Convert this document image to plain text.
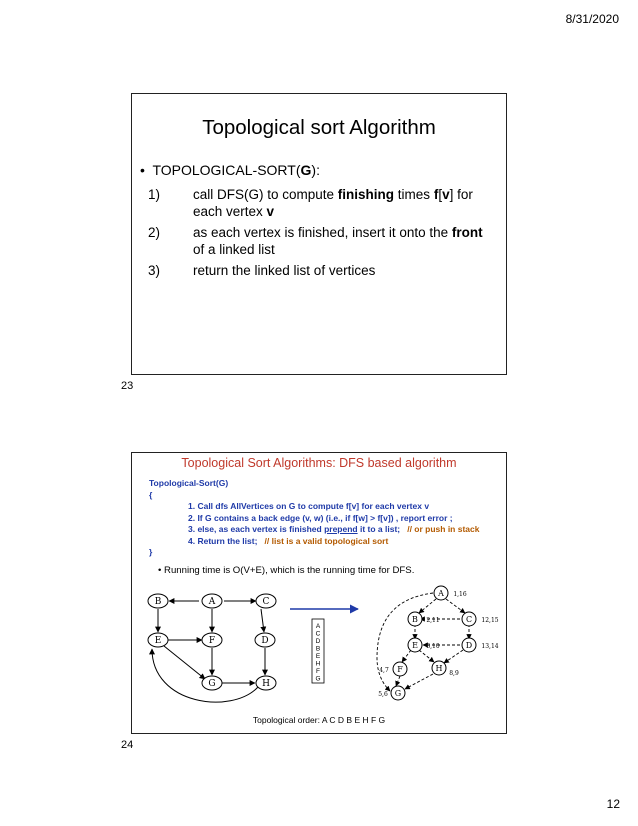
8/31/2020
Topological sort Algorithm
• TOPOLOGICAL-SORT(G):
1) call DFS(G) to compute finishing times f[v] for
each vertex v
2) as each vertex is finished, insert it onto the front
of a linked list
3) return the linked list of vertices
23
Topological Sort Algorithms: DFS based algorithm
Topological-Sort(G)
{
1. Call dfs AllVertices on G to compute f[v] for each vertex v
2. If G contains a back edge (v, w) (i.e., if f[w] > f[v]) , report error ;
3. else, as each vertex is finished prepend it to a list; // or push in stack
4. Return the list; // list is a valid topological sort
}
• Running time is O(V+E), which is the running time for DFS.
B	A	C
E	F	D
G	H
A
C
D
B
E
H
F
G
A 1,16
B 2,11	C 12,15
E 3,10	D 13,14
F
4,7	H
8,9
G
5,6
Topological order: A C D B E H F G
24
12
